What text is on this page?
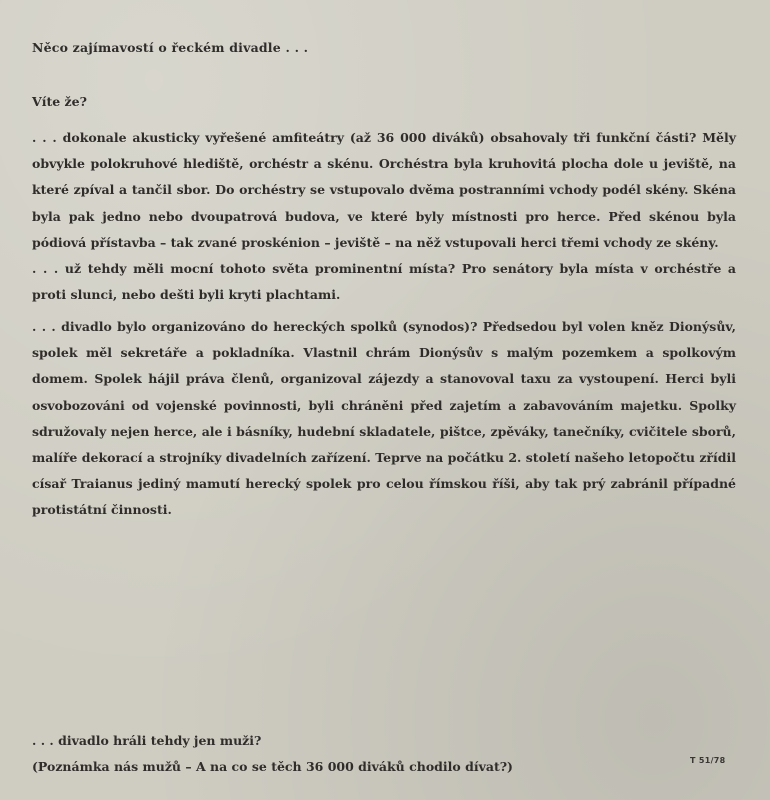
Něco zajímavostí o řeckém divadle . . .

Víte že?

. . . dokonale akusticky vyřešené amfiteátry (až 36 000 diváků) obsahovaly tři funkční části? Měly obvykle polokruhové hlediště, orchéstr a skénu. Orchéstra byla kruhovitá plocha dole u jeviště, na které zpíval a tančil sbor. Do orchéstry se vstupovalo dvěma postranními vchody podél skény. Skéna byla pak jedno nebo dvoupatrová budova, ve které byly místnosti pro herce. Před skénou byla pódiová přístavba – tak zvané proskénion – jeviště – na něž vstupovali herci třemi vchody ze skény.

. . . už tehdy měli mocní tohoto světa prominentní místa? Pro senátory byla místa v orchéstře a proti slunci, nebo dešti byli kryti plachtami.

. . . divadlo bylo organizováno do hereckých spolků (synodos)? Předsedou byl volen kněz Dionýsův, spolek měl sekretáře a pokladníka. Vlastnil chrám Dionýsův s malým pozemkem a spolkovým domem. Spolek hájil práva členů, organizoval zájezdy a stanovoval taxu za vystoupení. Herci byli osvobozováni od vojenské povinnosti, byli chráněni před zajetím a zabavováním majetku. Spolky sdružovaly nejen herce, ale i básníky, hudební skladatele, pištce, zpěváky, tanečníky, cvičitele sborů, malíře dekorací a strojníky divadelních zařízení. Teprve na počátku 2. století našeho letopočtu zřídil císař Traianus jediný mamutí herecký spolek pro celou římskou říši, aby tak prý zabránil případné protistátní činnosti.

. . . divadlo hráli tehdy jen muži?
(Poznámka nás mužů – A na co se těch 36 000 diváků chodilo dívat?)	T 51/78
